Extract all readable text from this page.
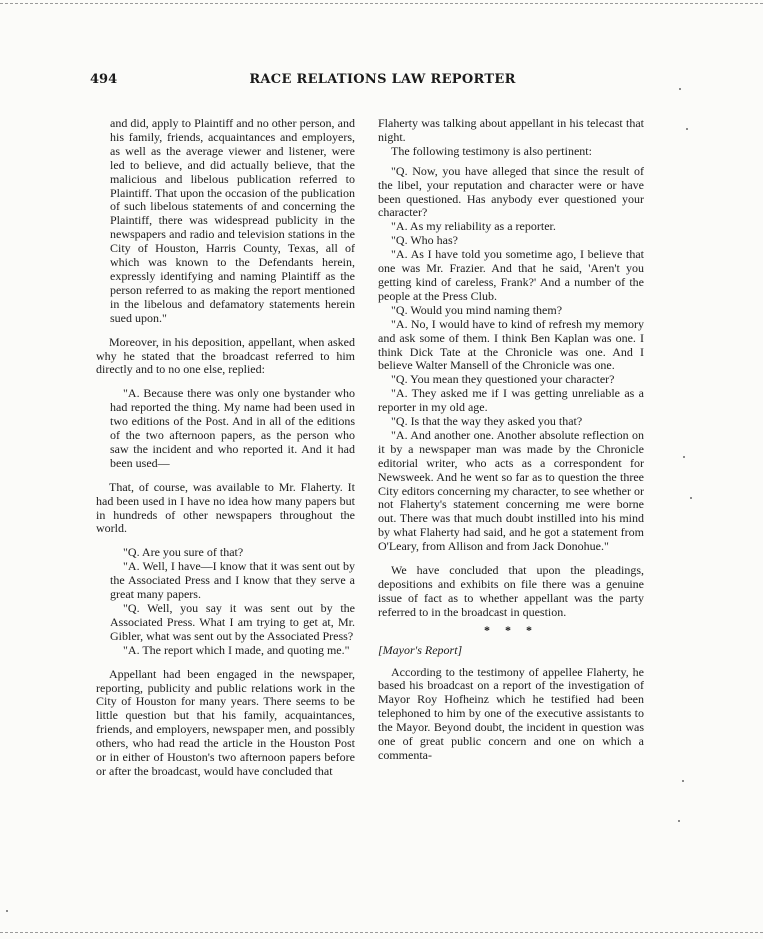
494	RACE RELATIONS LAW REPORTER

and did, apply to Plaintiff and no other person, and his family, friends, acquaintances and employers, as well as the average viewer and listener, were led to believe, and did actually believe, that the malicious and libelous publication referred to Plaintiff. That upon the occasion of the publication of such libelous statements of and concerning the Plaintiff, there was widespread publicity in the newspapers and radio and television stations in the City of Houston, Harris County, Texas, all of which was known to the Defendants herein, expressly identifying and naming Plaintiff as the person referred to as making the report mentioned in the libelous and defamatory statements herein sued upon."

Moreover, in his deposition, appellant, when asked why he stated that the broadcast referred to him directly and to no one else, replied:

"A. Because there was only one bystander who had reported the thing. My name had been used in two editions of the Post. And in all of the editions of the two afternoon papers, as the person who saw the incident and who reported it. And it had been used—

That, of course, was available to Mr. Flaherty. It had been used in I have no idea how many papers but in hundreds of other newspapers throughout the world.

"Q. Are you sure of that?

"A. Well, I have—I know that it was sent out by the Associated Press and I know that they serve a great many papers.

"Q. Well, you say it was sent out by the Associated Press. What I am trying to get at, Mr. Gibler, what was sent out by the Associated Press?

"A. The report which I made, and quoting me."

Appellant had been engaged in the newspaper, reporting, publicity and public relations work in the City of Houston for many years. There seems to be little question but that his family, acquaintances, friends, and employers, newspaper men, and possibly others, who had read the article in the Houston Post or in either of Houston's two afternoon papers before or after the broadcast, would have concluded that

Flaherty was talking about appellant in his telecast that night.

The following testimony is also pertinent:

"Q. Now, you have alleged that since the result of the libel, your reputation and character were or have been questioned. Has anybody ever questioned your character?

"A. As my reliability as a reporter.

"Q. Who has?

"A. As I have told you sometime ago, I believe that one was Mr. Frazier. And that he said, 'Aren't you getting kind of careless, Frank?' And a number of the people at the Press Club.

"Q. Would you mind naming them?

"A. No, I would have to kind of refresh my memory and ask some of them. I think Ben Kaplan was one. I think Dick Tate at the Chronicle was one. And I believe Walter Mansell of the Chronicle was one.

"Q. You mean they questioned your character?

"A. They asked me if I was getting unreliable as a reporter in my old age.

"Q. Is that the way they asked you that?

"A. And another one. Another absolute reflection on it by a newspaper man was made by the Chronicle editorial writer, who acts as a correspondent for Newsweek. And he went so far as to question the three City editors concerning my character, to see whether or not Flaherty's statement concerning me were borne out. There was that much doubt instilled into his mind by what Flaherty had said, and he got a statement from O'Leary, from Allison and from Jack Donohue."

We have concluded that upon the pleadings, depositions and exhibits on file there was a genuine issue of fact as to whether appellant was the party referred to in the broadcast in question.

* * *
[Mayor's Report]

According to the testimony of appellee Flaherty, he based his broadcast on a report of the investigation of Mayor Roy Hofheinz which he testified had been telephoned to him by one of the executive assistants to the Mayor. Beyond doubt, the incident in question was one of great public concern and one on which a commenta-
